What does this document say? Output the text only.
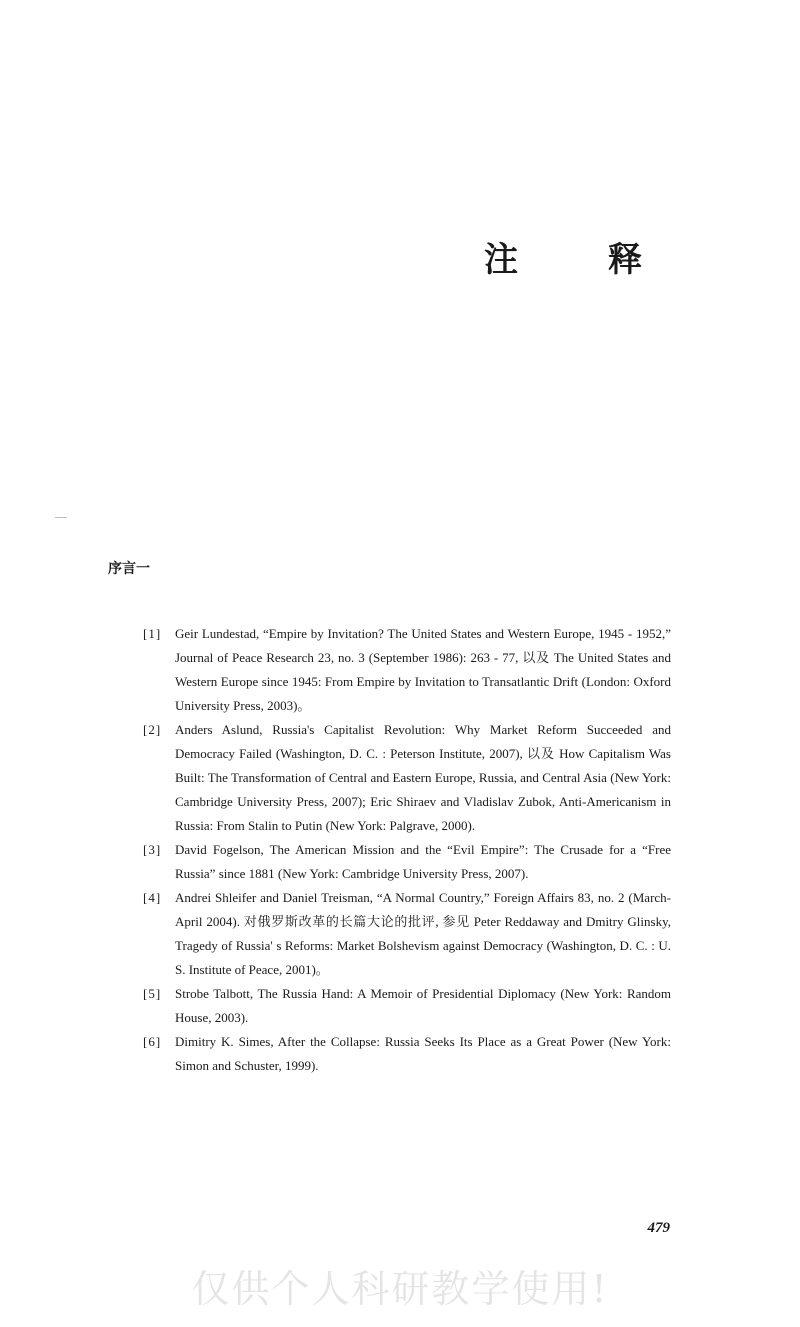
注　释
序言一
[1] Geir Lundestad, “Empire by Invitation? The United States and Western Europe, 1945 - 1952,” Journal of Peace Research 23, no. 3 (September 1986): 263 - 77, 以及 The United States and Western Europe since 1945: From Empire by Invitation to Transatlantic Drift (London: Oxford University Press, 2003)。
[2] Anders Aslund, Russia's Capitalist Revolution: Why Market Reform Succeeded and Democracy Failed (Washington, D. C. : Peterson Institute, 2007), 以及 How Capitalism Was Built: The Transformation of Central and Eastern Europe, Russia, and Central Asia (New York: Cambridge University Press, 2007); Eric Shiraev and Vladislav Zubok, Anti-Americanism in Russia: From Stalin to Putin (New York: Palgrave, 2000).
[3] David Fogelson, The American Mission and the “Evil Empire”: The Crusade for a “Free Russia” since 1881 (New York: Cambridge University Press, 2007).
[4] Andrei Shleifer and Daniel Treisman, “A Normal Country,” Foreign Affairs 83, no. 2 (March-April 2004). 对俄罗斯改革的长篇大论的批评, 参见 Peter Reddaway and Dmitry Glinsky, Tragedy of Russia' s Reforms: Market Bolshevism against Democracy (Washington, D. C. : U. S. Institute of Peace, 2001)。
[5] Strobe Talbott, The Russia Hand: A Memoir of Presidential Diplomacy (New York: Random House, 2003).
[6] Dimitry K. Simes, After the Collapse: Russia Seeks Its Place as a Great Power (New York: Simon and Schuster, 1999).

479

仅供个人科研教学使用!
